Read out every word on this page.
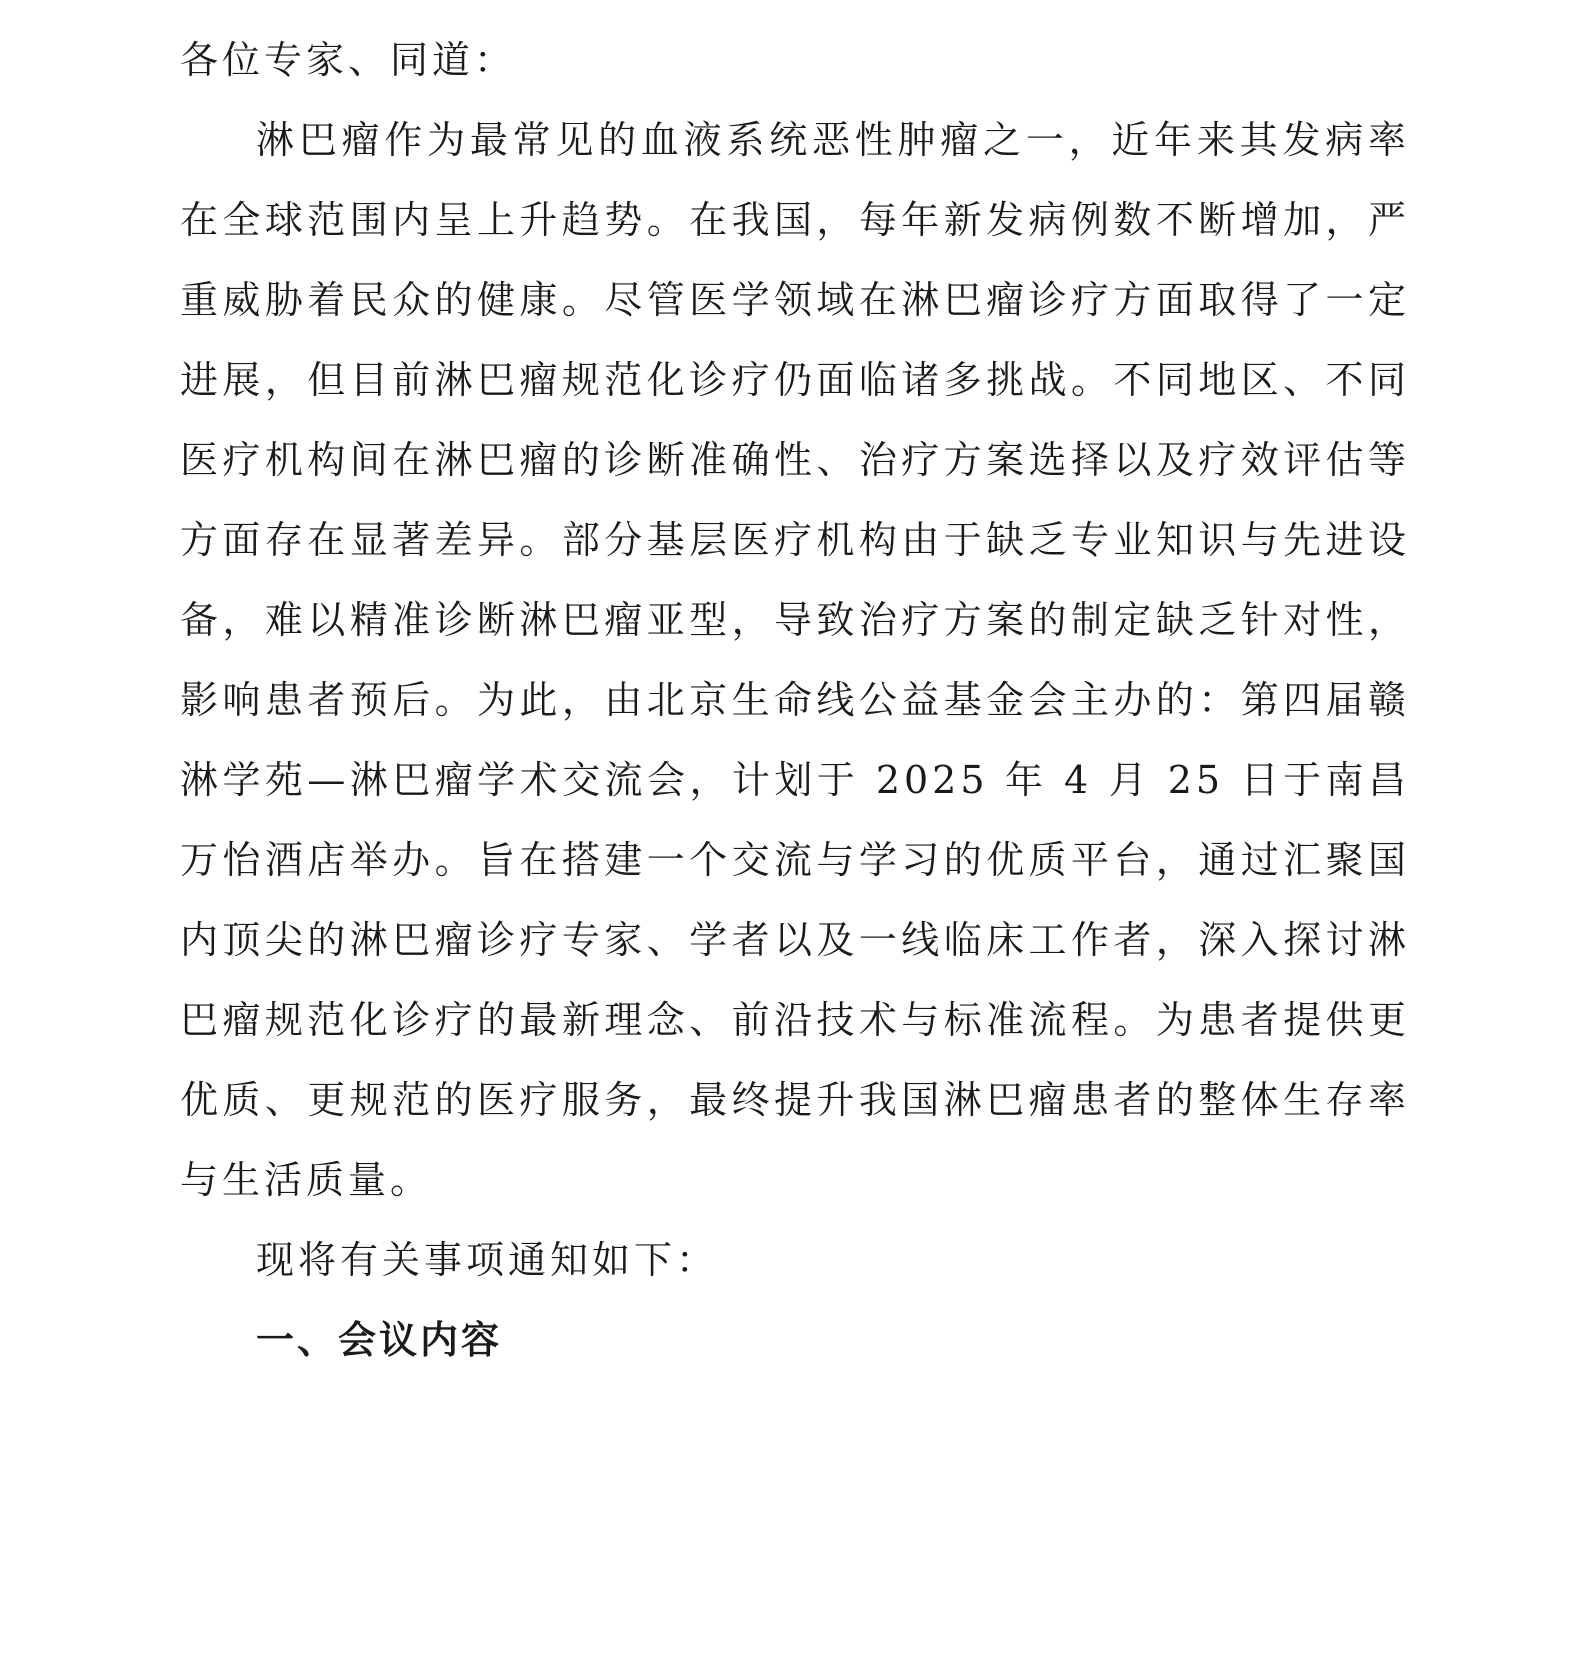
各位专家、同道：

淋巴瘤作为最常见的血液系统恶性肿瘤之一，近年来其发病率在全球范围内呈上升趋势。在我国，每年新发病例数不断增加，严重威胁着民众的健康。尽管医学领域在淋巴瘤诊疗方面取得了一定进展，但目前淋巴瘤规范化诊疗仍面临诸多挑战。不同地区、不同医疗机构间在淋巴瘤的诊断准确性、治疗方案选择以及疗效评估等方面存在显著差异。部分基层医疗机构由于缺乏专业知识与先进设备，难以精准诊断淋巴瘤亚型，导致治疗方案的制定缺乏针对性，影响患者预后。为此，由北京生命线公益基金会主办的：第四届赣淋学苑—淋巴瘤学术交流会，计划于 2025 年 4 月 25 日于南昌万怡酒店举办。旨在搭建一个交流与学习的优质平台，通过汇聚国内顶尖的淋巴瘤诊疗专家、学者以及一线临床工作者，深入探讨淋巴瘤规范化诊疗的最新理念、前沿技术与标准流程。为患者提供更优质、更规范的医疗服务，最终提升我国淋巴瘤患者的整体生存率与生活质量。

现将有关事项通知如下：

一、会议内容
